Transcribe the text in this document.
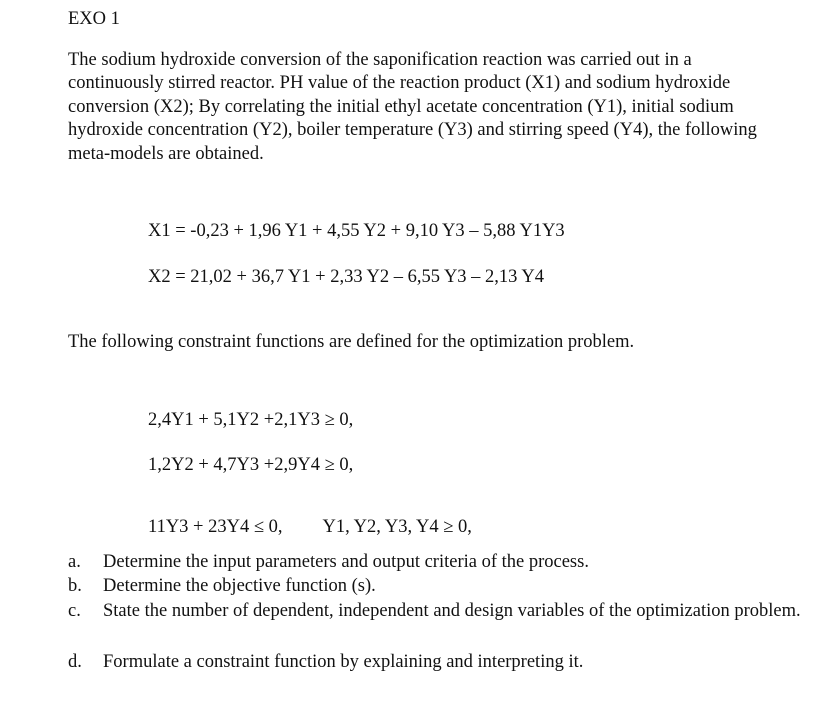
EXO 1

The sodium hydroxide conversion of the saponification reaction was carried out in a

continuously stirred reactor. PH value of the reaction product (X1) and sodium hydroxide

conversion (X2); By correlating the initial ethyl acetate concentration (Y1), initial sodium

hydroxide concentration (Y2), boiler temperature (Y3) and stirring speed (Y4), the following

meta-models are obtained.

X1 = -0,23 + 1,96 Y1 + 4,55 Y2 + 9,10 Y3 – 5,88 Y1Y3
X2 = 21,02 + 36,7 Y1 + 2,33 Y2 – 6,55 Y3 – 2,13 Y4
The following constraint functions are defined for the optimization problem.
2,4Y1 + 5,1Y2 +2,1Y3 ≥ 0,
1,2Y2 + 4,7Y3 +2,9Y4 ≥ 0,
11Y3 + 23Y4 ≤ 0, Y1, Y2, Y3, Y4 ≥ 0,
a.	Determine the input parameters and output criteria of the process.
b.	Determine the objective function (s).
c.	State the number of dependent, independent and design variables of the optimization problem.
d.	Formulate a constraint function by explaining and interpreting it.
